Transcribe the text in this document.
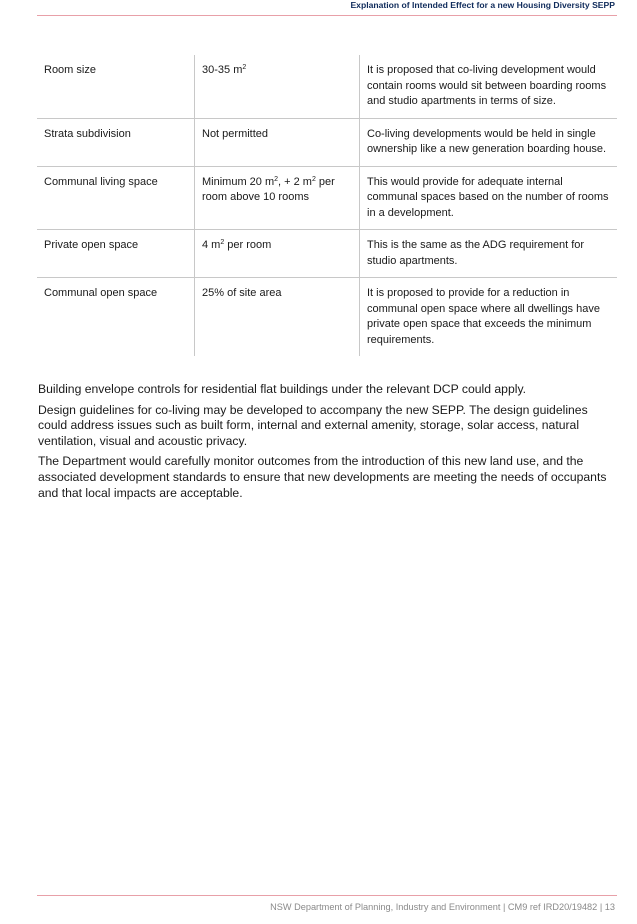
Explanation of Intended Effect for a new Housing Diversity SEPP
Room size	30-35 $m^2$	It is proposed that co-living development would contain rooms would sit between boarding rooms and studio apartments in terms of size.
Strata subdivision	Not permitted	Co-living developments would be held in single ownership like a new generation boarding house.
Communal living space	Minimum 20 $m^2$, + 2 $m^2$ per room above 10 rooms	This would provide for adequate internal communal spaces based on the number of rooms in a development.
Private open space	4 $m^2$ per room	This is the same as the ADG requirement for studio apartments.
Communal open space	25% of site area	It is proposed to provide for a reduction in communal open space where all dwellings have private open space that exceeds the minimum requirements.

Building envelope controls for residential flat buildings under the relevant DCP could apply.

Design guidelines for co-living may be developed to accompany the new SEPP. The design guidelines could address issues such as built form, internal and external amenity, storage, solar access, natural ventilation, visual and acoustic privacy.

The Department would carefully monitor outcomes from the introduction of this new land use, and the associated development standards to ensure that new developments are meeting the needs of occupants and that local impacts are acceptable.

NSW Department of Planning, Industry and Environment | CM9 ref IRD20/19482 | 13
